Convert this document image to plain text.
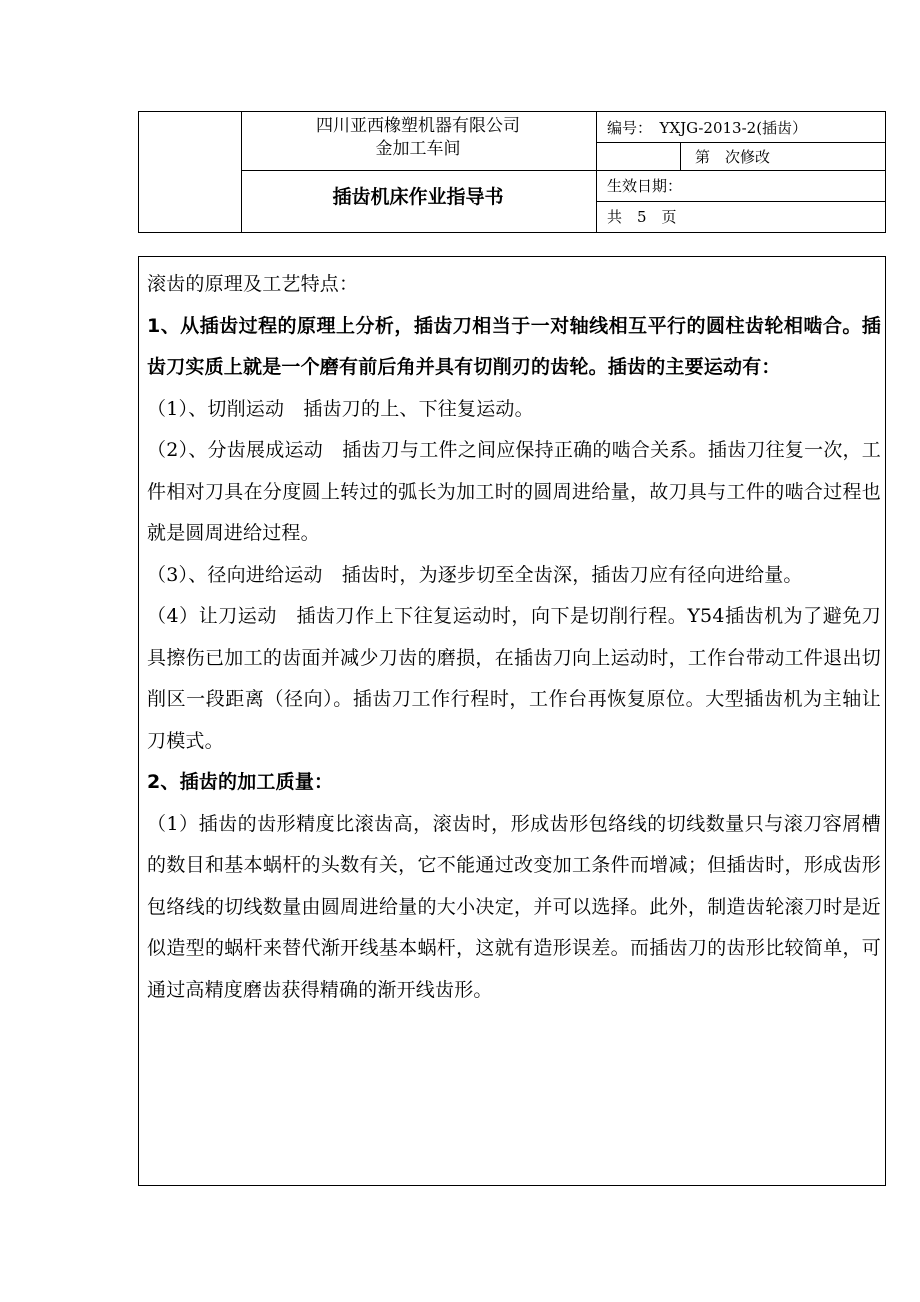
四川亚西橡塑机器有限公司
金加工车间
插齿机床作业指导书
编号：　YXJG-2013-2(插齿）
第　次修改
生效日期：
共　5　页

滚齿的原理及工艺特点：

1、从插齿过程的原理上分析，插齿刀相当于一对轴线相互平行的圆柱齿轮相啮合。插齿刀实质上就是一个磨有前后角并具有切削刃的齿轮。插齿的主要运动有：

（1）、切削运动　插齿刀的上、下往复运动。

（2）、分齿展成运动　插齿刀与工件之间应保持正确的啮合关系。插齿刀往复一次，工件相对刀具在分度圆上转过的弧长为加工时的圆周进给量，故刀具与工件的啮合过程也就是圆周进给过程。

（3）、径向进给运动　插齿时，为逐步切至全齿深，插齿刀应有径向进给量。

（4）让刀运动　插齿刀作上下往复运动时，向下是切削行程。Y54插齿机为了避免刀具擦伤已加工的齿面并减少刀齿的磨损，在插齿刀向上运动时，工作台带动工件退出切削区一段距离（径向）。插齿刀工作行程时，工作台再恢复原位。大型插齿机为主轴让刀模式。

2、插齿的加工质量：

（1）插齿的齿形精度比滚齿高，滚齿时，形成齿形包络线的切线数量只与滚刀容屑槽的数目和基本蜗杆的头数有关，它不能通过改变加工条件而增减；但插齿时，形成齿形包络线的切线数量由圆周进给量的大小决定，并可以选择。此外，制造齿轮滚刀时是近似造型的蜗杆来替代渐开线基本蜗杆，这就有造形误差。而插齿刀的齿形比较简单，可通过高精度磨齿获得精确的渐开线齿形。
